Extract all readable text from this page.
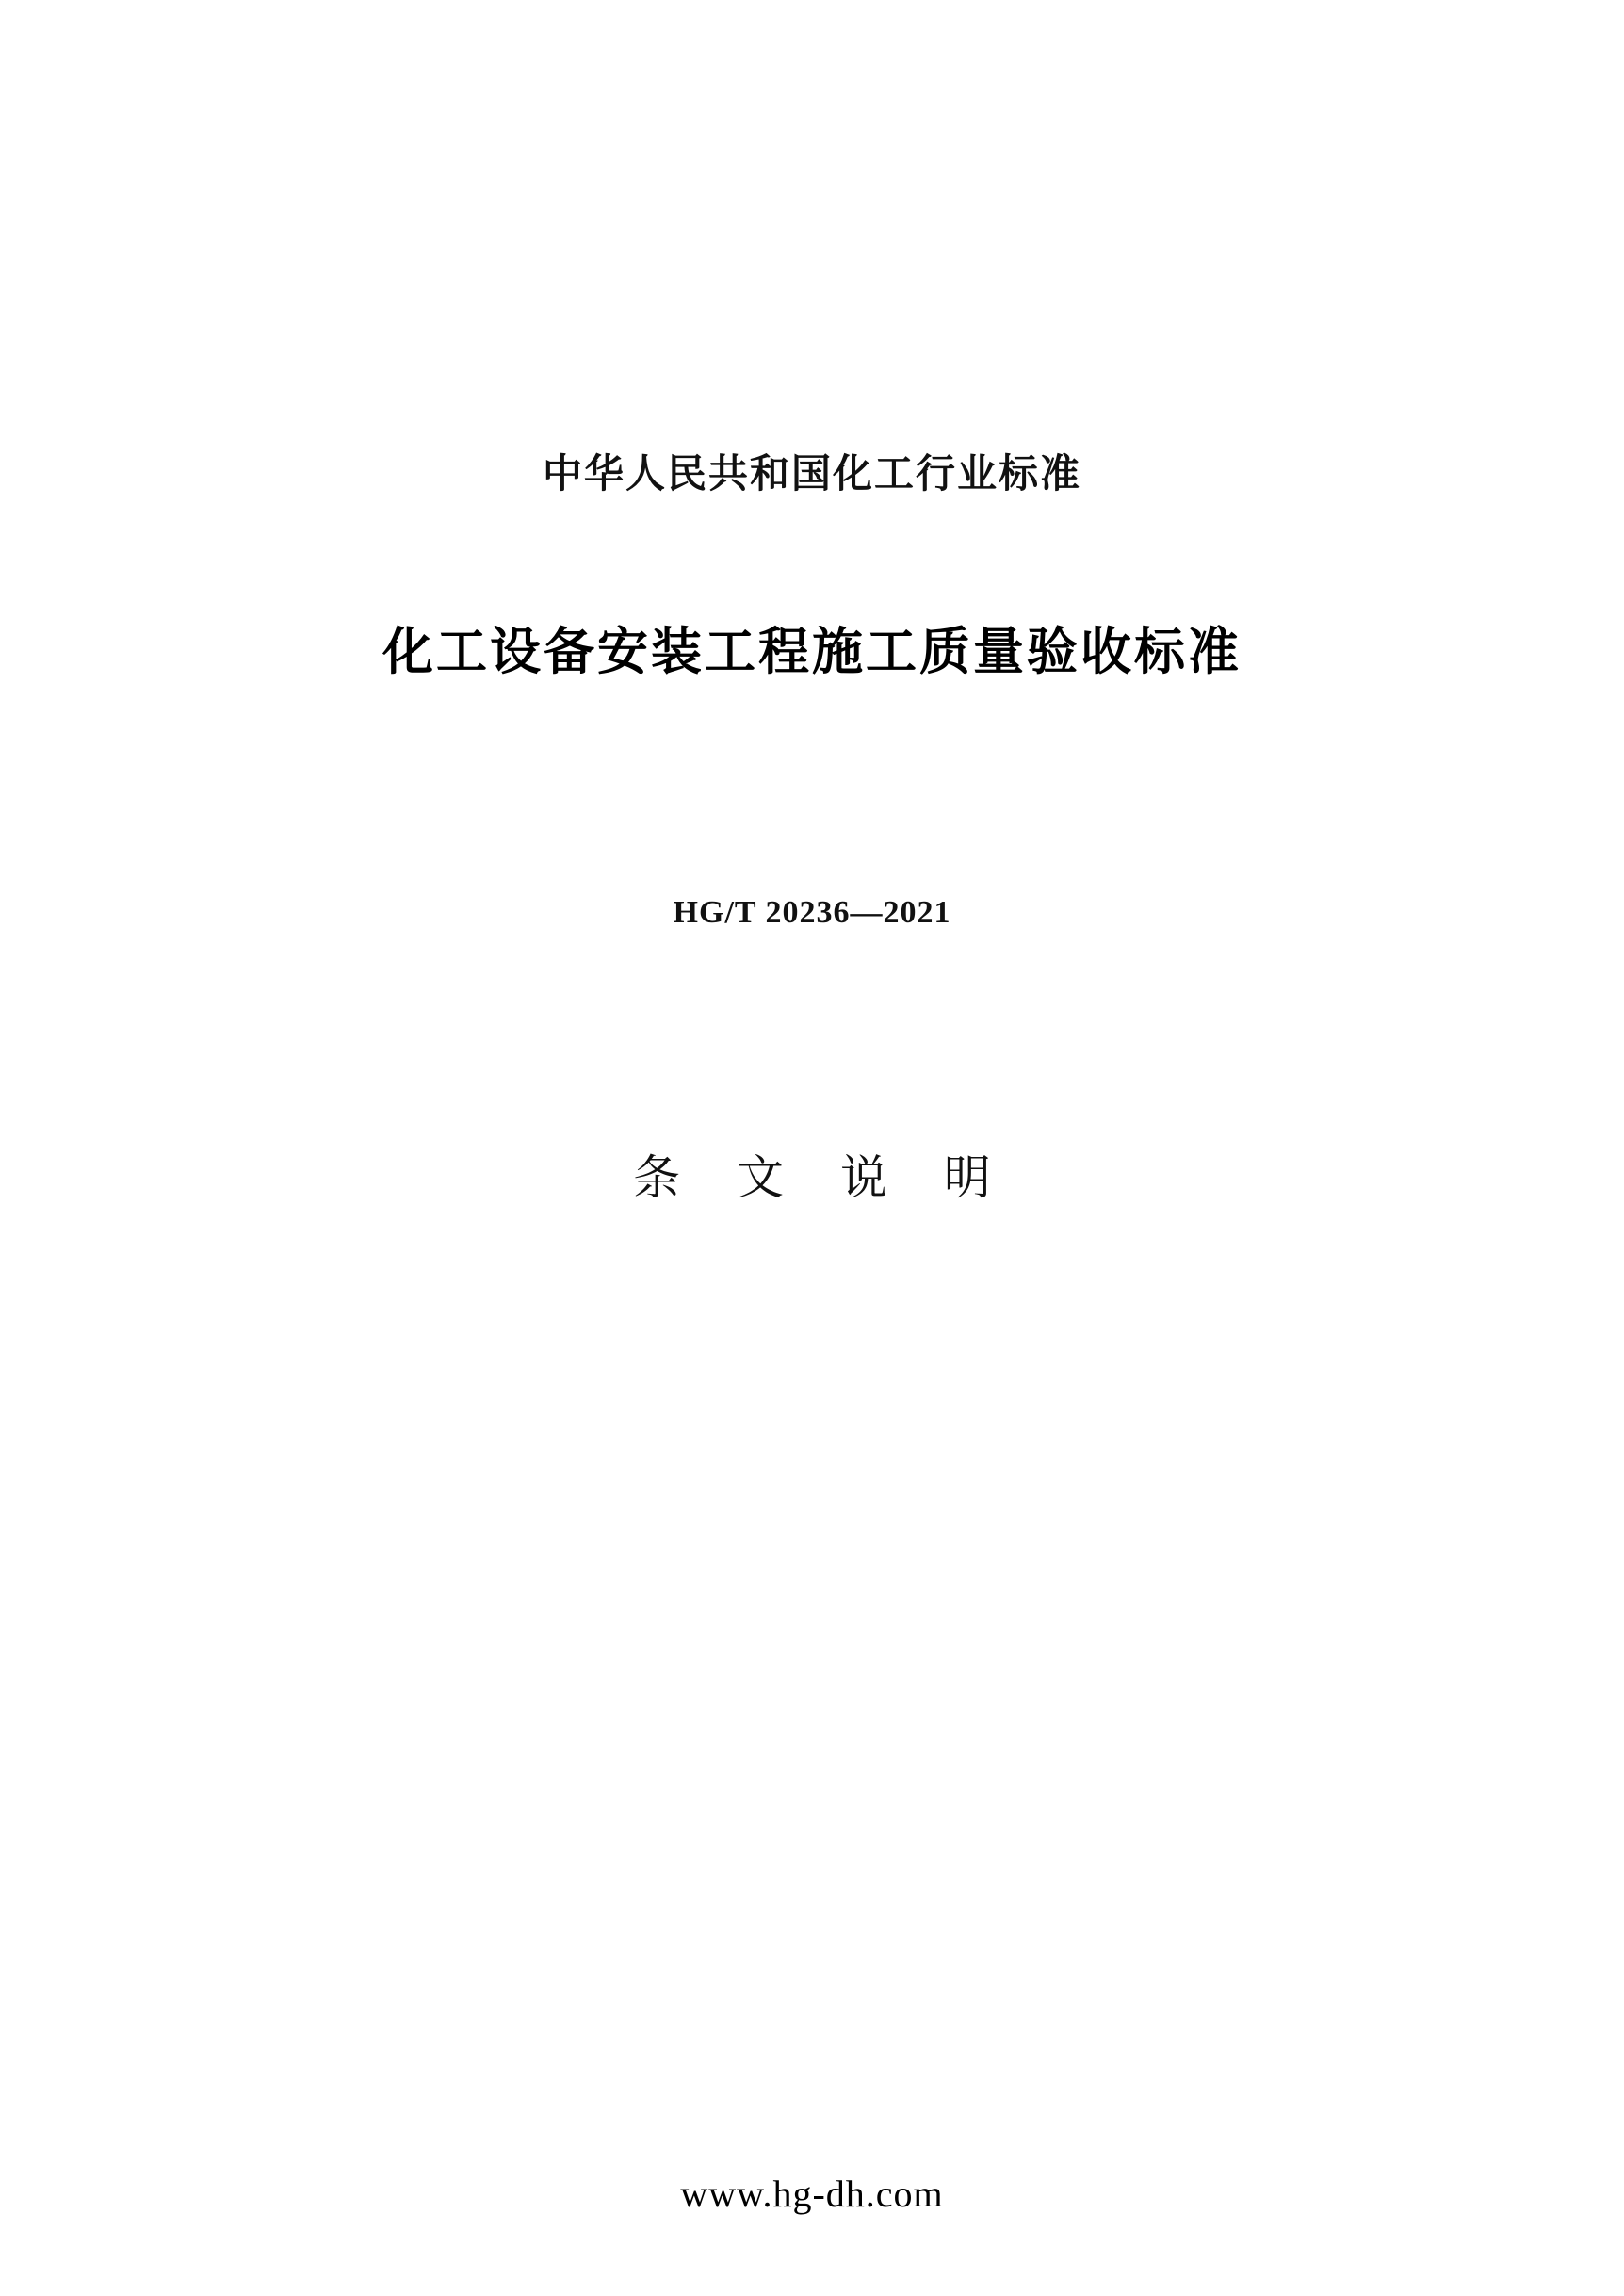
中华人民共和国化工行业标准
化工设备安装工程施工质量验收标准
HG/T 20236—2021
条 文 说 明
www.hg-dh.com
